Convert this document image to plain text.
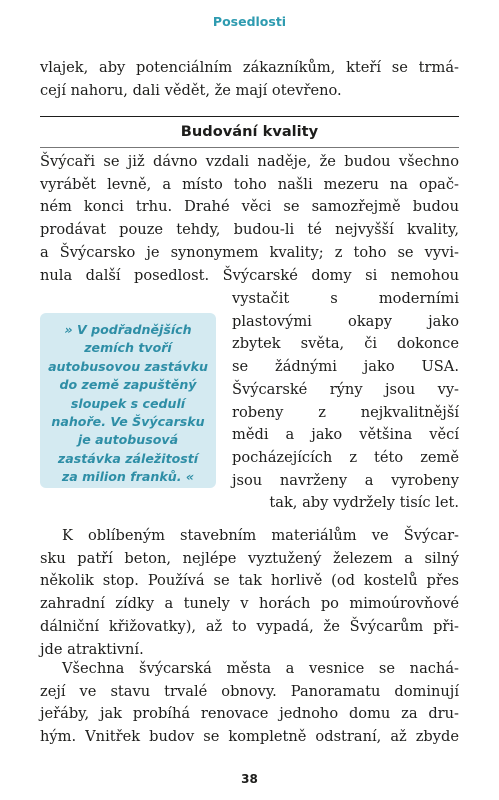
Posedlosti

vlajek, aby potenciálním zákazníkům, kteří se trmá-

cejí nahoru, dali vědět, že mají otevřeno.

Budování kvality

Švýcaři se již dávno vzdali naděje, že budou všechno

vyrábět levně, a místo toho našli mezeru na opač-

ném konci trhu. Drahé věci se samozřejmě budou

prodávat pouze tehdy, budou-li té nejvyšší kvality,

a Švýcarsko je synonymem kvality; z toho se vyvi-

nula další posedlost. Švýcarské domy si nemohou

» V podřadnějších
zemích tvoří
autobusovou zastávku
do země zapuštěný
sloupek s cedulí
nahoře. Ve Švýcarsku
je autobusová
zastávka záležitostí
za milion franků. «

vystačit s moderními

plastovými okapy jako

zbytek světa, či dokonce

se žádnými jako USA.

Švýcarské rýny jsou vy-

robeny z nejkvalitnější

mědi a jako většina věcí

pocházejících z této země

jsou navrženy a vyrobeny

tak, aby vydržely tisíc let.

K oblíbeným stavebním materiálům ve Švýcar-

sku patří beton, nejlépe vyztužený železem a silný

několik stop. Používá se tak horlivě (od kostelů přes

zahradní zídky a tunely v horách po mimoúrovňové

dálniční křižovatky), až to vypadá, že Švýcarům při-

jde atraktivní.

Všechna švýcarská města a vesnice se nachá-

zejí ve stavu trvalé obnovy. Panoramatu dominují

jeřáby, jak probíhá renovace jednoho domu za dru-

hým. Vnitřek budov se kompletně odstraní, až zbyde

38
